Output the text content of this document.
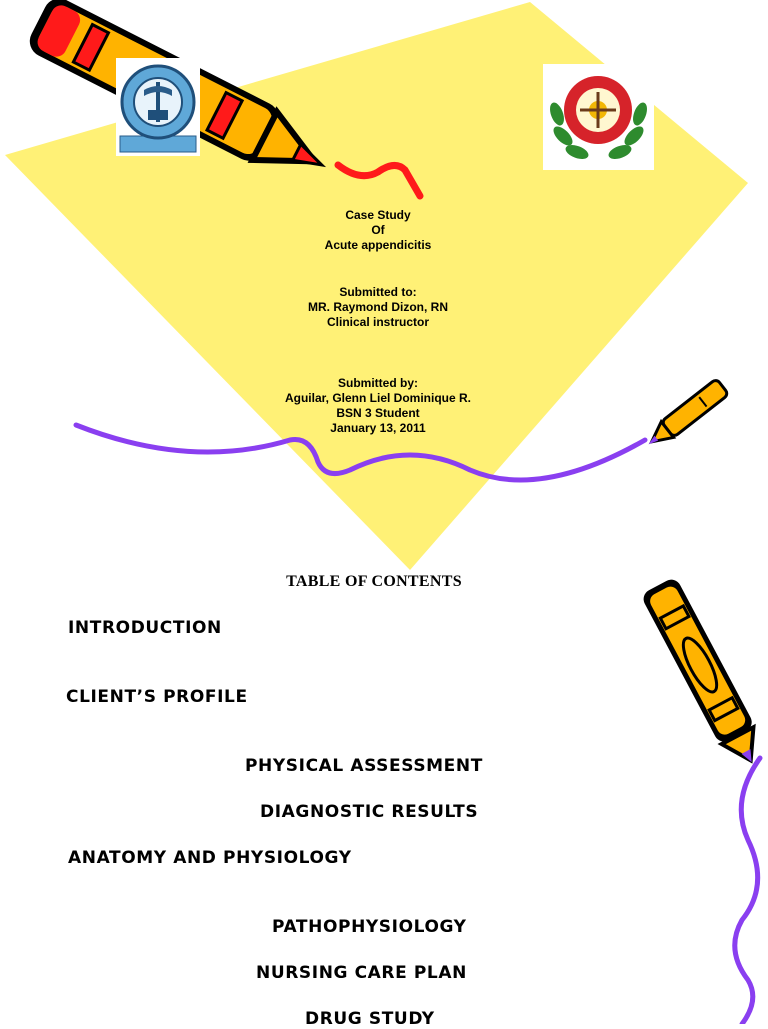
Case Study
Of
Acute appendicitis
Submitted to:
MR. Raymond Dizon, RN
Clinical instructor
Submitted by:
Aguilar, Glenn Liel Dominique R.
BSN 3 Student
January 13, 2011
TABLE OF CONTENTS
INTRODUCTION
CLIENT’S PROFILE
PHYSICAL ASSESSMENT
DIAGNOSTIC RESULTS
ANATOMY AND PHYSIOLOGY
PATHOPHYSIOLOGY
NURSING CARE PLAN
DRUG STUDY
